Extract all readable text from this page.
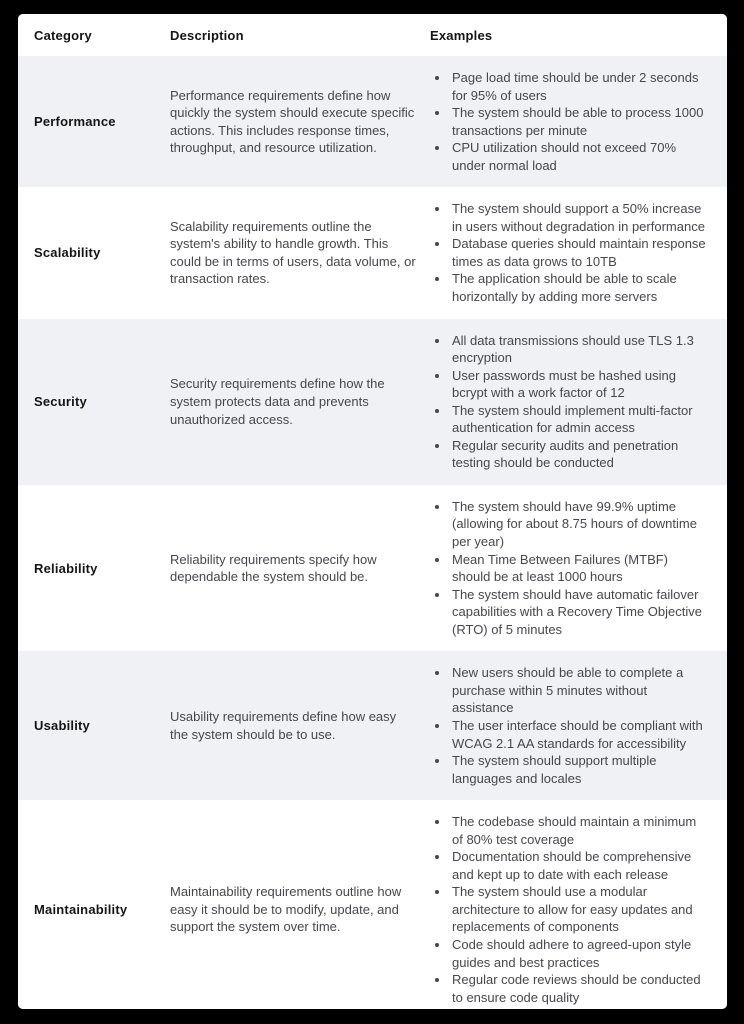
Category	Description	Examples
Performance
Performance requirements define how quickly the system should execute specific actions. This includes response times, throughput, and resource utilization.
• Page load time should be under 2 seconds for 95% of users
• The system should be able to process 1000 transactions per minute
• CPU utilization should not exceed 70% under normal load
Scalability
Scalability requirements outline the system's ability to handle growth. This could be in terms of users, data volume, or transaction rates.
• The system should support a 50% increase in users without degradation in performance
• Database queries should maintain response times as data grows to 10TB
• The application should be able to scale horizontally by adding more servers
Security
Security requirements define how the system protects data and prevents unauthorized access.
• All data transmissions should use TLS 1.3 encryption
• User passwords must be hashed using bcrypt with a work factor of 12
• The system should implement multi-factor authentication for admin access
• Regular security audits and penetration testing should be conducted
Reliability
Reliability requirements specify how dependable the system should be.
• The system should have 99.9% uptime (allowing for about 8.75 hours of downtime per year)
• Mean Time Between Failures (MTBF) should be at least 1000 hours
• The system should have automatic failover capabilities with a Recovery Time Objective (RTO) of 5 minutes
Usability
Usability requirements define how easy the system should be to use.
• New users should be able to complete a purchase within 5 minutes without assistance
• The user interface should be compliant with WCAG 2.1 AA standards for accessibility
• The system should support multiple languages and locales
Maintainability
Maintainability requirements outline how easy it should be to modify, update, and support the system over time.
• The codebase should maintain a minimum of 80% test coverage
• Documentation should be comprehensive and kept up to date with each release
• The system should use a modular architecture to allow for easy updates and replacements of components
• Code should adhere to agreed-upon style guides and best practices
• Regular code reviews should be conducted to ensure code quality
